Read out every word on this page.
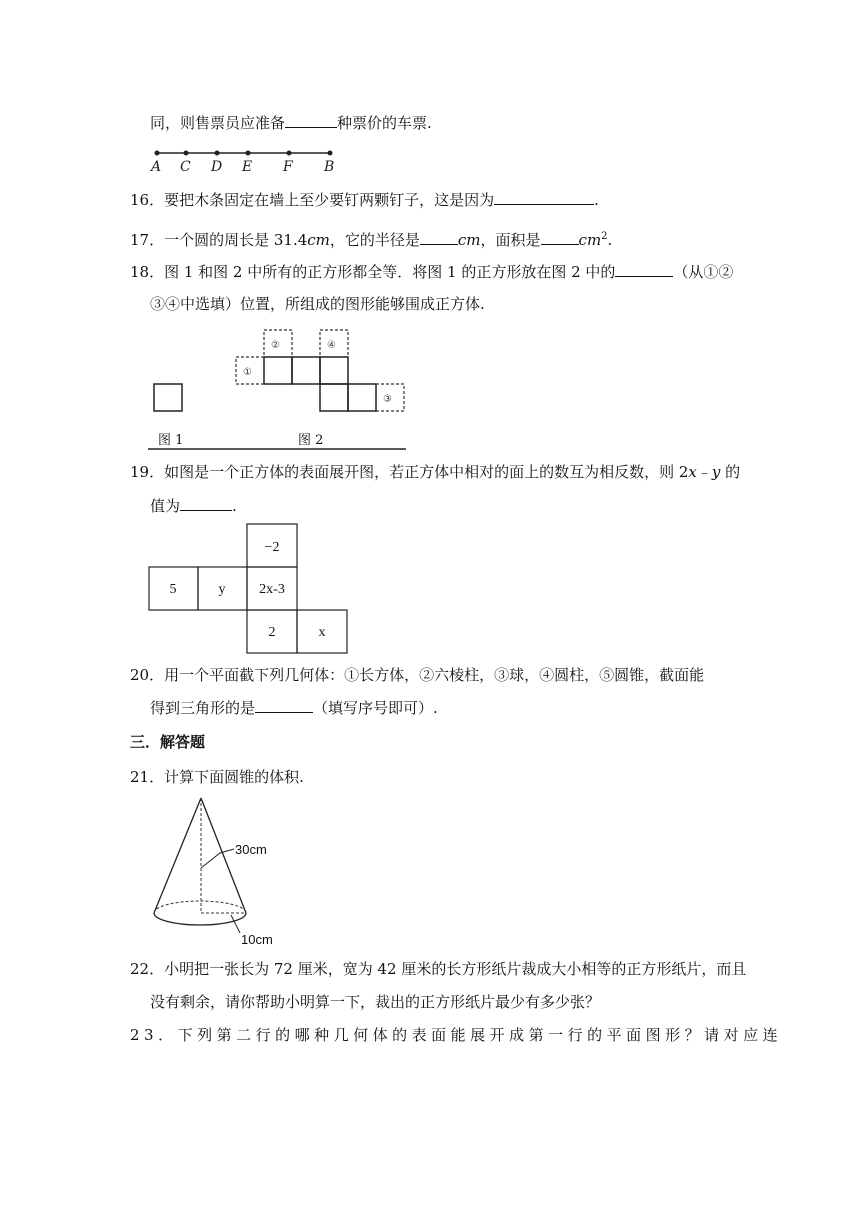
同，则售票员应准备	种票价的车票.
A C D E F B
16．要把木条固定在墙上至少要钉两颗钉子，这是因为	.
17．一个圆的周长是 31.4cm，它的半径是	cm，面积是	$cm^2$.
18．图 1 和图 2 中所有的正方形都全等．将图 1 的正方形放在图 2 中的	（从①②
③④中选填）位置，所组成的图形能够围成正方体.
①
②
③
④
图 1	图 2
19．如图是一个正方体的表面展开图，若正方体中相对的面上的数互为相反数，则 2x﹣y 的
值为	.
−2
5	y 2x-3
2	x
20．用一个平面截下列几何体：①长方体，②六棱柱，③球，④圆柱，⑤圆锥，截面能
得到三角形的是	（填写序号即可）.
三．解答题
21．计算下面圆锥的体积.
30cm
10cm
22．小明把一张长为 72 厘米，宽为 42 厘米的长方形纸片裁成大小相等的正方形纸片，而且
没有剩余，请你帮助小明算一下，裁出的正方形纸片最少有多少张？
23．下列第二行的哪种几何体的表面能展开成第一行的平面图形？请对应连
